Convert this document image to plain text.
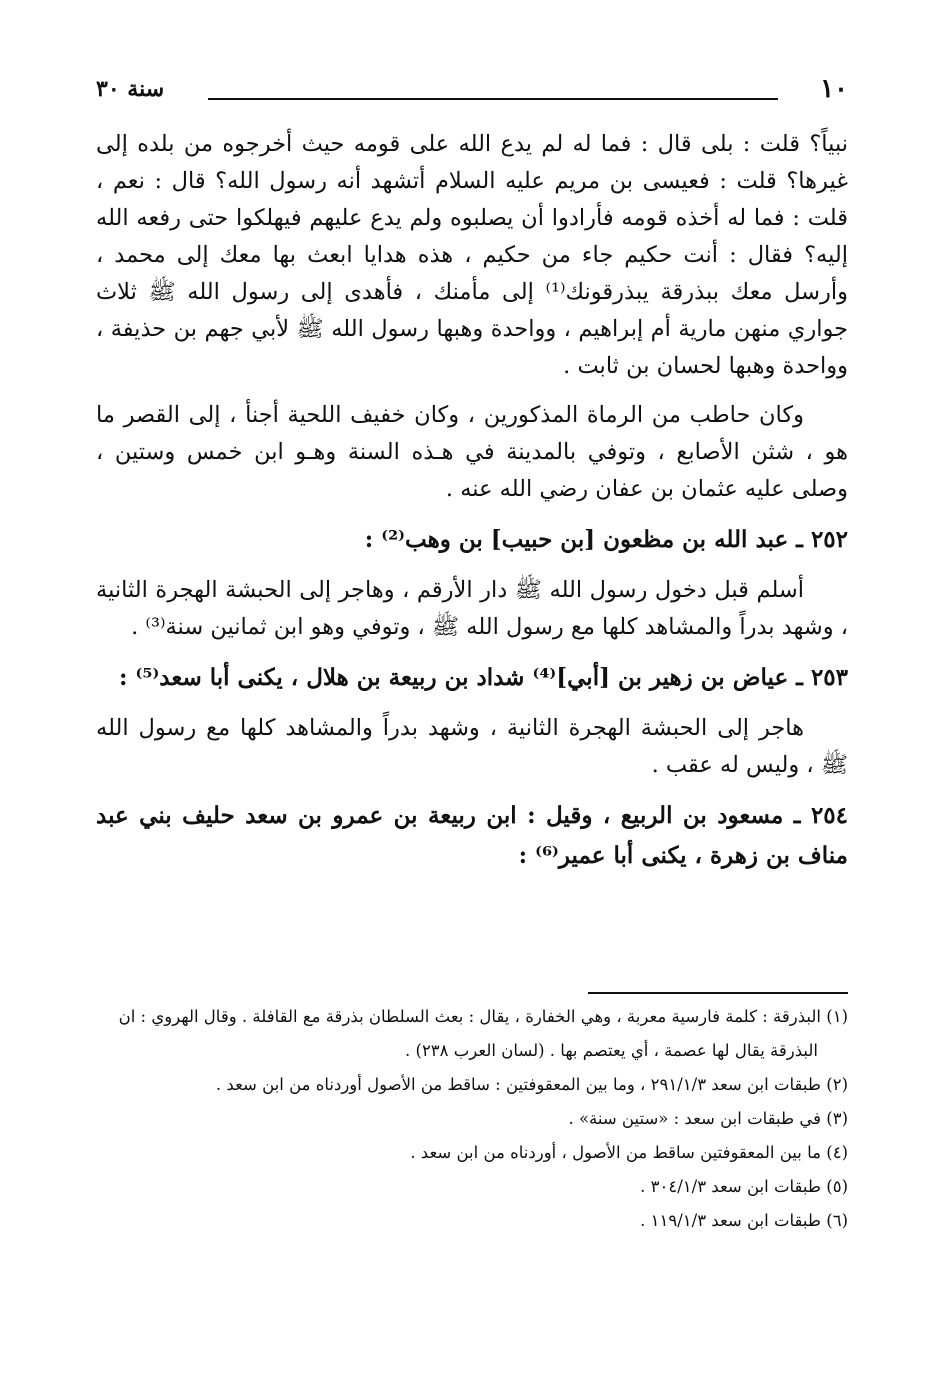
١٠
سنة ٣٠

نبياً؟ قلت : بلى قال : فما له لم يدع الله على قومه حيث أخرجوه من بلده إلى غيرها؟ قلت : فعيسى بن مريم عليه السلام أتشهد أنه رسول الله؟ قال : نعم ، قلت : فما له أخذه قومه فأرادوا أن يصلبوه ولم يدع عليهم فيهلكوا حتى رفعه الله إليه؟ فقال : أنت حكيم جاء من حكيم ، هذه هدايا ابعث بها معك إلى محمد ، وأرسل معك ببذرقة يبذرقونك⁽¹⁾ إلى مأمنك ، فأهدى إلى رسول الله ﷺ ثلاث جواري منهن مارية أم إبراهيم ، وواحدة وهبها رسول الله ﷺ لأبي جهم بن حذيفة ، وواحدة وهبها لحسان بن ثابت .

وكان حاطب من الرماة المذكورين ، وكان خفيف اللحية أجنأ ، إلى القصر ما هو ، شثن الأصابع ، وتوفي بالمدينة في هـذه السنة وهـو ابن خمس وستين ، وصلى عليه عثمان بن عفان رضي الله عنه .

٢٥٢ ـ عبد الله بن مظعون [بن حبيب] بن وهب⁽²⁾ :

أسلم قبل دخول رسول الله ﷺ دار الأرقم ، وهاجر إلى الحبشة الهجرة الثانية ، وشهد بدراً والمشاهد كلها مع رسول الله ﷺ ، وتوفي وهو ابن ثمانين سنة⁽³⁾ .

٢٥٣ ـ عياض بن زهير بن [أبي]⁽⁴⁾ شداد بن ربيعة بن هلال ، يكنى أبا سعد⁽⁵⁾ :

هاجر إلى الحبشة الهجرة الثانية ، وشهد بدراً والمشاهد كلها مع رسول الله ﷺ ، وليس له عقب .

٢٥٤ ـ مسعود بن الربيع ، وقيل : ابن ربيعة بن عمرو بن سعد حليف بني عبد مناف بن زهرة ، يكنى أبا عمير⁽⁶⁾ :

(١) البذرقة : كلمة فارسية معربة ، وهي الخفارة ، يقال : بعث السلطان بذرقة مع القافلة . وقال الهروي : ان

البذرقة يقال لها عصمة ، أي يعتصم بها . (لسان العرب ٢٣٨) .

(٢) طبقات ابن سعد ٢٩١/١/٣ ، وما بين المعقوفتين : ساقط من الأصول أوردناه من ابن سعد .

(٣) في طبقات ابن سعد : «ستين سنة» .

(٤) ما بين المعقوفتين ساقط من الأصول ، أوردناه من ابن سعد .

(٥) طبقات ابن سعد ٣٠٤/١/٣ .

(٦) طبقات ابن سعد ١١٩/١/٣ .
